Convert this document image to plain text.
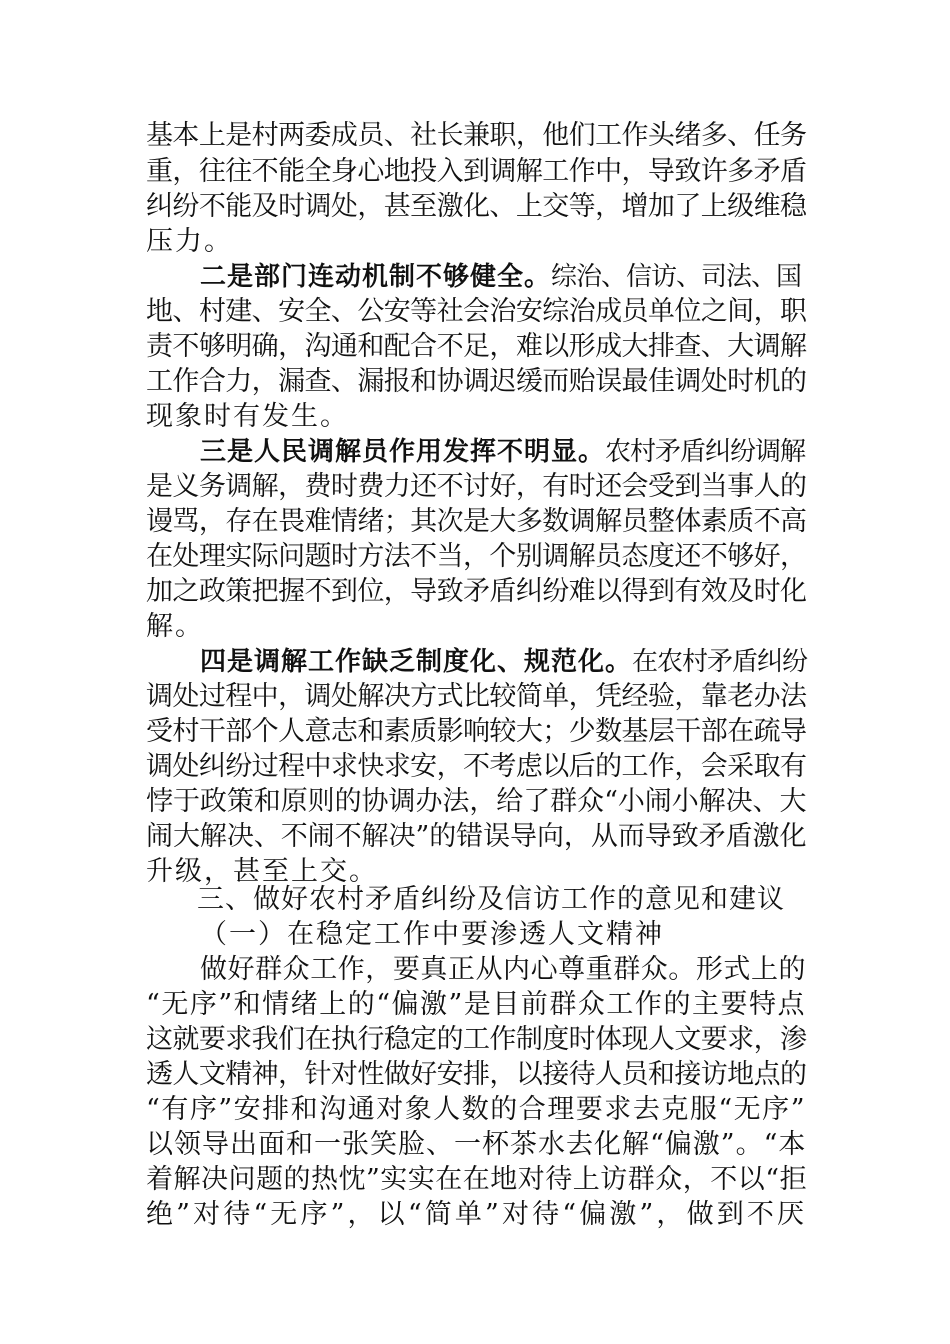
基本上是村两委成员、社长兼职，他们工作头绪多、任务
重，往往不能全身心地投入到调解工作中，导致许多矛盾
纠纷不能及时调处，甚至激化、上交等，增加了上级维稳
压力。
二是部门连动机制不够健全。综治、信访、司法、国
地、村建、安全、公安等社会治安综治成员单位之间，职
责不够明确，沟通和配合不足，难以形成大排查、大调解
工作合力，漏查、漏报和协调迟缓而贻误最佳调处时机的
现象时有发生。
三是人民调解员作用发挥不明显。农村矛盾纠纷调解
是义务调解，费时费力还不讨好，有时还会受到当事人的
谩骂，存在畏难情绪；其次是大多数调解员整体素质不高
在处理实际问题时方法不当，个别调解员态度还不够好，
加之政策把握不到位，导致矛盾纠纷难以得到有效及时化
解。
四是调解工作缺乏制度化、规范化。在农村矛盾纠纷
调处过程中，调处解决方式比较简单，凭经验，靠老办法
受村干部个人意志和素质影响较大；少数基层干部在疏导
调处纠纷过程中求快求安，不考虑以后的工作，会采取有
悖于政策和原则的协调办法，给了群众“小闹小解决、大
闹大解决、不闹不解决”的错误导向，从而导致矛盾激化
升级，甚至上交。
三、做好农村矛盾纠纷及信访工作的意见和建议
（一）在稳定工作中要渗透人文精神
做好群众工作，要真正从内心尊重群众。形式上的
“无序”和情绪上的“偏激”是目前群众工作的主要特点
这就要求我们在执行稳定的工作制度时体现人文要求，渗
透人文精神，针对性做好安排，以接待人员和接访地点的
“有序”安排和沟通对象人数的合理要求去克服“无序”
以领导出面和一张笑脸、一杯茶水去化解“偏激”。“本
着解决问题的热忱”实实在在地对待上访群众，不以“拒
绝”对待“无序”，以“简单”对待“偏激”，做到不厌
